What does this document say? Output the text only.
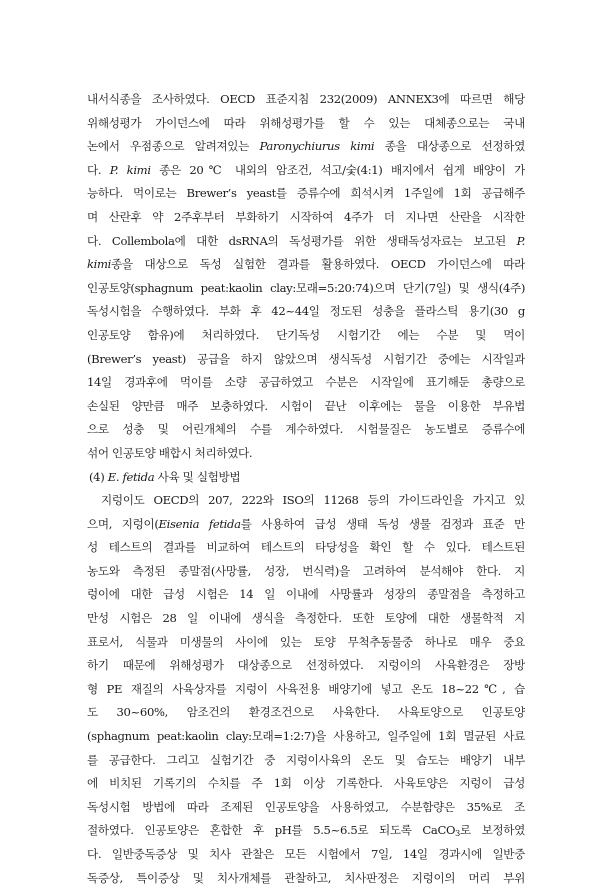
내서식종을 조사하였다. OECD 표준지침 232(2009) ANNEX3에 따르면 해당
위해성평가 가이던스에 따라 위해성평가를 할 수 있는 대체종으로는 국내
논에서 우점종으로 알려져있는 Paronychiurus kimi 종을 대상종으로 선정하였
다. P. kimi 종은 20℃ 내외의 암조건, 석고/숯(4:1) 배지에서 쉽게 배양이 가
능하다. 먹이로는 Brewer’s yeast를 증류수에 희석시켜 1주일에 1회 공급해주
며 산란후 약 2주후부터 부화하기 시작하여 4주가 더 지나면 산란을 시작한
다. Collembola에 대한 dsRNA의 독성평가를 위한 생태독성자료는 보고된 P.
kimi종을 대상으로 독성 실험한 결과를 활용하였다. OECD 가이던스에 따라
인공토양(sphagnum peat:kaolin clay:모래=5:20:74)으며 단기(7일) 및 생식(4주)
독성시험을 수행하였다. 부화 후 42~44일 정도된 성충을 플라스틱 용기(30 g
인공토양 함유)에 처리하였다. 단기독성 시험기간 에는 수분 및 먹이
(Brewer’s yeast) 공급을 하지 않았으며 생식독성 시험기간 중에는 시작일과
14일 경과후에 먹이를 소량 공급하였고 수분은 시작일에 표기해둔 총량으로
손실된 양만큼 매주 보충하였다. 시험이 끝난 이후에는 물을 이용한 부유법
으로 성충 및 어린개체의 수를 계수하였다. 시험물질은 농도별로 증류수에
섞어 인공토양 배합시 처리하였다.
(4) E. fetida 사육 및 실험방법
지렁이도 OECD의 207, 222와 ISO의 11268 등의 가이드라인을 가지고 있
으며, 지렁이(Eisenia fetida를 사용하여 급성 생태 독성 생물 검정과 표준 만
성 테스트의 결과를 비교하여 테스트의 타당성을 확인 할 수 있다. 테스트된
농도와 측정된 종말점(사망률, 성장, 번식력)을 고려하여 분석해야 한다. 지
렁이에 대한 급성 시험은 14 일 이내에 사망률과 성장의 종말점을 측정하고
만성 시험은 28 일 이내에 생식을 측정한다. 또한 토양에 대한 생물학적 지
표로서, 식물과 미생물의 사이에 있는 토양 무척추동물중 하나로 매우 중요
하기 때문에 위해성평가 대상종으로 선정하였다. 지렁이의 사육환경은 장방
형 PE 재질의 사육상자를 지렁이 사육전용 배양기에 넣고 온도 18~22℃, 습
도 30~60%, 암조건의 환경조건으로 사육한다. 사육토양으로 인공토양
(sphagnum peat:kaolin clay:모래=1:2:7)을 사용하고, 일주일에 1회 멸균된 사료
를 공급한다. 그리고 실험기간 중 지렁이사육의 온도 및 습도는 배양기 내부
에 비치된 기록기의 수치를 주 1회 이상 기록한다. 사육토양은 지렁이 급성
독성시험 방법에 따라 조제된 인공토양을 사용하였고, 수분함량은 35%로 조
절하였다. 인공토양은 혼합한 후 pH를 5.5~6.5로 되도록 CaCO$_3$로 보정하였
다. 일반중독증상 및 치사 관찰은 모든 시험에서 7일, 14일 경과시에 일반중
독증상, 특이증상 및 치사개체를 관찰하고, 치사판정은 지렁이의 머리 부위
